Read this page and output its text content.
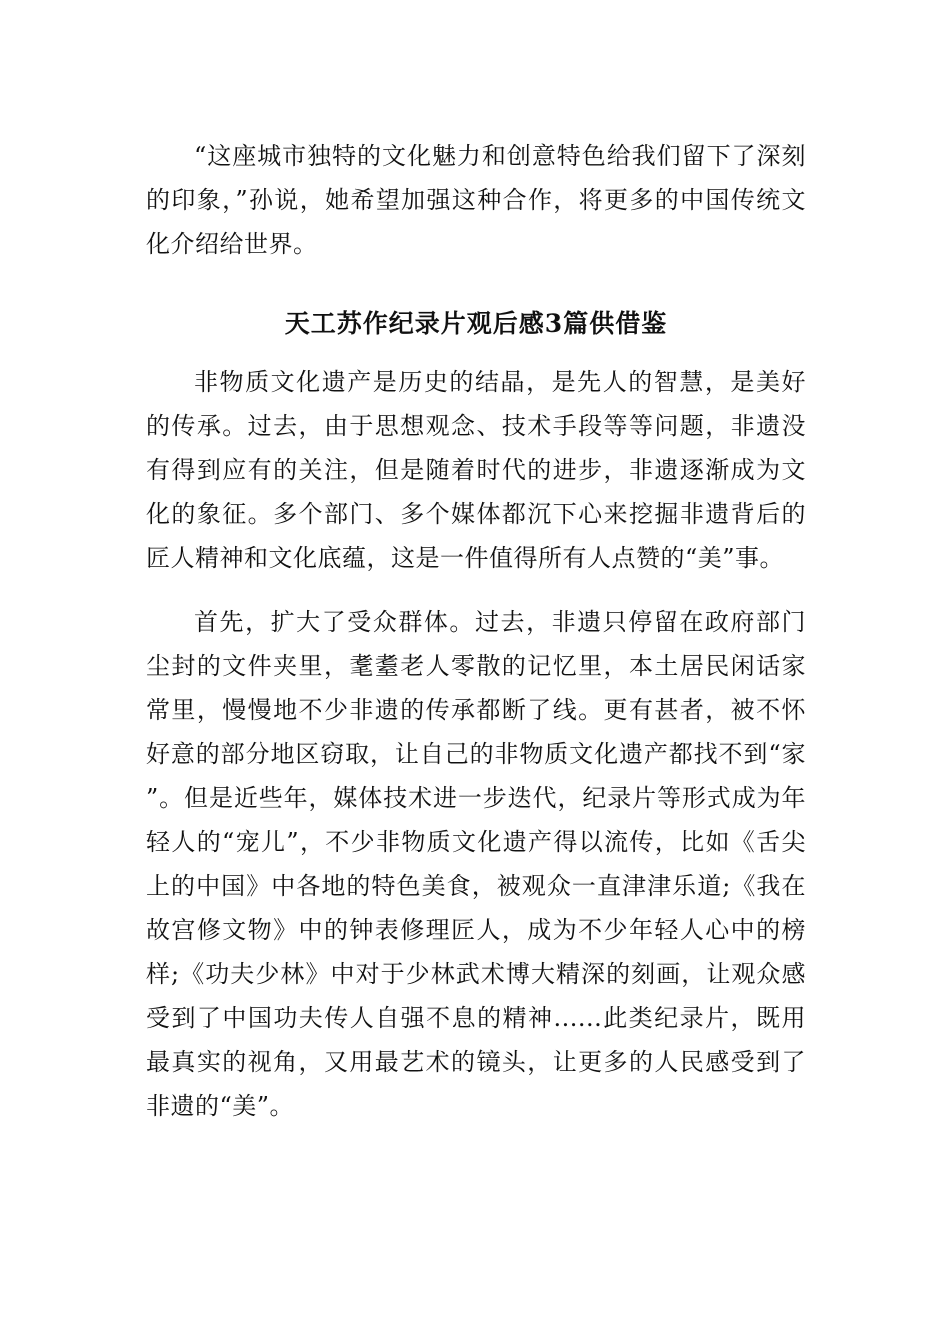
“这座城市独特的文化魅力和创意特色给我们留下了深刻的印象，”孙说，她希望加强这种合作，将更多的中国传统文化介绍给世界。

天工苏作纪录片观后感3篇供借鉴

非物质文化遗产是历史的结晶，是先人的智慧，是美好的传承。过去，由于思想观念、技术手段等等问题，非遗没有得到应有的关注，但是随着时代的进步，非遗逐渐成为文化的象征。多个部门、多个媒体都沉下心来挖掘非遗背后的匠人精神和文化底蕴，这是一件值得所有人点赞的“美”事。

首先，扩大了受众群体。过去，非遗只停留在政府部门尘封的文件夹里，耄耋老人零散的记忆里，本土居民闲话家常里，慢慢地不少非遗的传承都断了线。更有甚者，被不怀好意的部分地区窃取，让自己的非物质文化遗产都找不到“家”。但是近些年，媒体技术进一步迭代，纪录片等形式成为年轻人的“宠儿”，不少非物质文化遗产得以流传，比如《舌尖上的中国》中各地的特色美食，被观众一直津津乐道;《我在故宫修文物》中的钟表修理匠人，成为不少年轻人心中的榜样;《功夫少林》中对于少林武术博大精深的刻画，让观众感受到了中国功夫传人自强不息的精神......此类纪录片，既用最真实的视角，又用最艺术的镜头，让更多的人民感受到了非遗的“美”。
